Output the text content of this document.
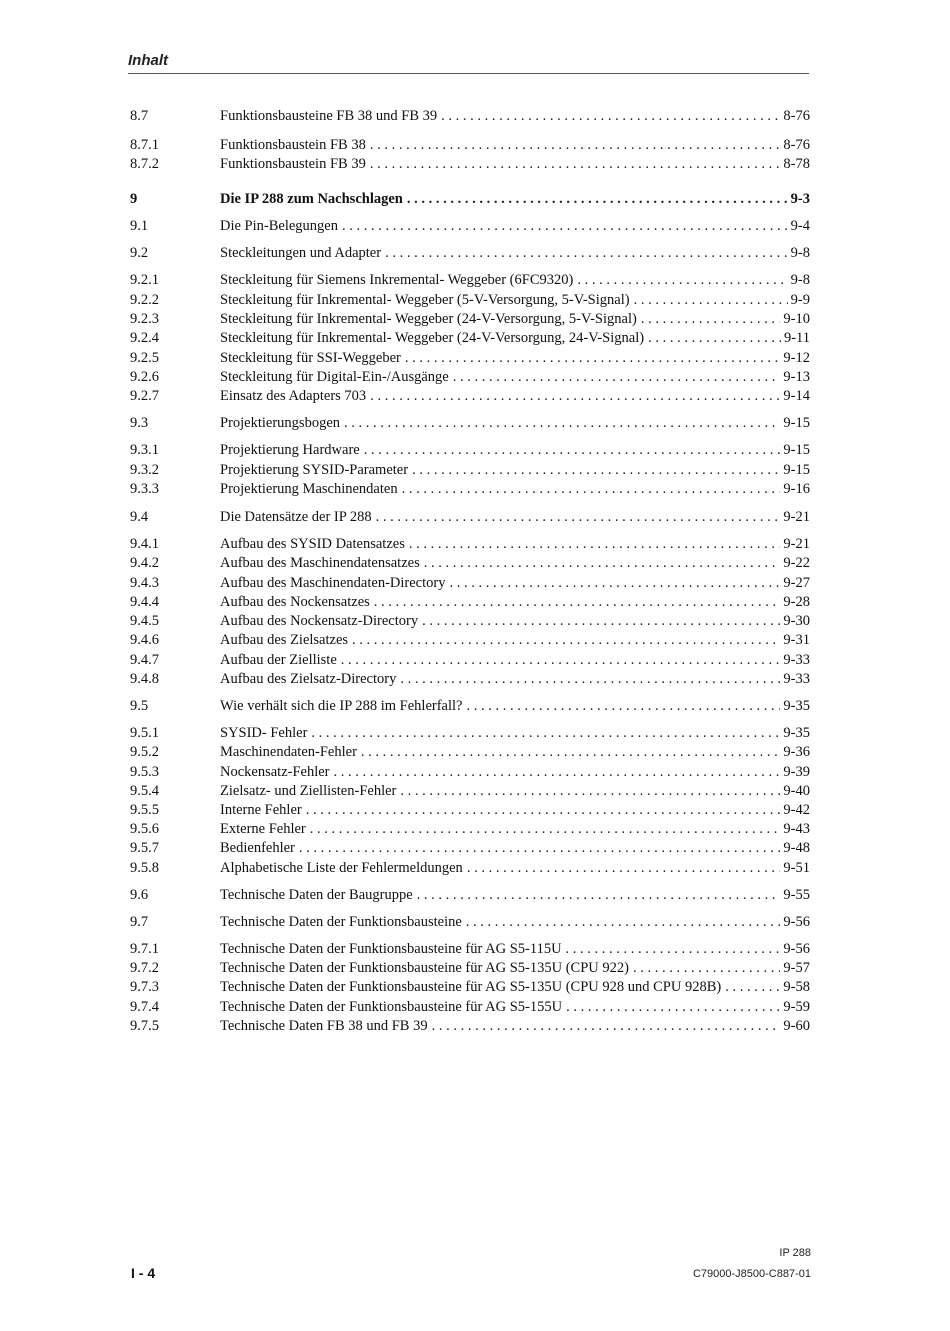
Inhalt
8.7	Funktionsbausteine FB 38 und FB 39 . . .	8-76
8.7.1	Funktionsbaustein FB 38 . . .	8-76
8.7.2	Funktionsbaustein FB 39 . . .	8-78
9	Die IP 288 zum Nachschlagen . . .	9-3
9.1	Die Pin-Belegungen . . .	9-4
9.2	Steckleitungen und Adapter . . .	9-8
9.2.1	Steckleitung für Siemens Inkremental- Weggeber (6FC9320) . . .	9-8
9.2.2	Steckleitung für Inkremental- Weggeber (5-V-Versorgung, 5-V-Signal) . . .	9-9
9.2.3	Steckleitung für Inkremental- Weggeber (24-V-Versorgung, 5-V-Signal) . . .	9-10
9.2.4	Steckleitung für Inkremental- Weggeber (24-V-Versorgung, 24-V-Signal) . . .	9-11
9.2.5	Steckleitung für SSI-Weggeber . . .	9-12
9.2.6	Steckleitung für Digital-Ein-/Ausgänge . . .	9-13
9.2.7	Einsatz des Adapters 703 . . .	9-14
9.3	Projektierungsbogen . . .	9-15
9.3.1	Projektierung Hardware . . .	9-15
9.3.2	Projektierung SYSID-Parameter . . .	9-15
9.3.3	Projektierung Maschinendaten . . .	9-16
9.4	Die Datensätze der IP 288 . . .	9-21
9.4.1	Aufbau des SYSID Datensatzes . . .	9-21
9.4.2	Aufbau des Maschinendatensatzes . . .	9-22
9.4.3	Aufbau des Maschinendaten-Directory . . .	9-27
9.4.4	Aufbau des Nockensatzes . . .	9-28
9.4.5	Aufbau des Nockensatz-Directory . . .	9-30
9.4.6	Aufbau des Zielsatzes . . .	9-31
9.4.7	Aufbau der Zielliste . . .	9-33
9.4.8	Aufbau des Zielsatz-Directory . . .	9-33
9.5	Wie verhält sich die IP 288 im Fehlerfall? . . .	9-35
9.5.1	SYSID- Fehler . . .	9-35
9.5.2	Maschinendaten-Fehler . . .	9-36
9.5.3	Nockensatz-Fehler . . .	9-39
9.5.4	Zielsatz- und Ziellisten-Fehler . . .	9-40
9.5.5	Interne Fehler . . .	9-42
9.5.6	Externe Fehler . . .	9-43
9.5.7	Bedienfehler . . .	9-48
9.5.8	Alphabetische Liste der Fehlermeldungen . . .	9-51
9.6	Technische Daten der Baugruppe . . .	9-55
9.7	Technische Daten der Funktionsbausteine . . .	9-56
9.7.1	Technische Daten der Funktionsbausteine für AG S5-115U . . .	9-56
9.7.2	Technische Daten der Funktionsbausteine für AG S5-135U (CPU 922) . . .	9-57
9.7.3	Technische Daten der Funktionsbausteine für AG S5-135U (CPU 928 und CPU 928B) . . .	9-58
9.7.4	Technische Daten der Funktionsbausteine für AG S5-155U . . .	9-59
9.7.5	Technische Daten FB 38 und FB 39 . . .	9-60
I - 4
IP 288
C79000-J8500-C887-01
